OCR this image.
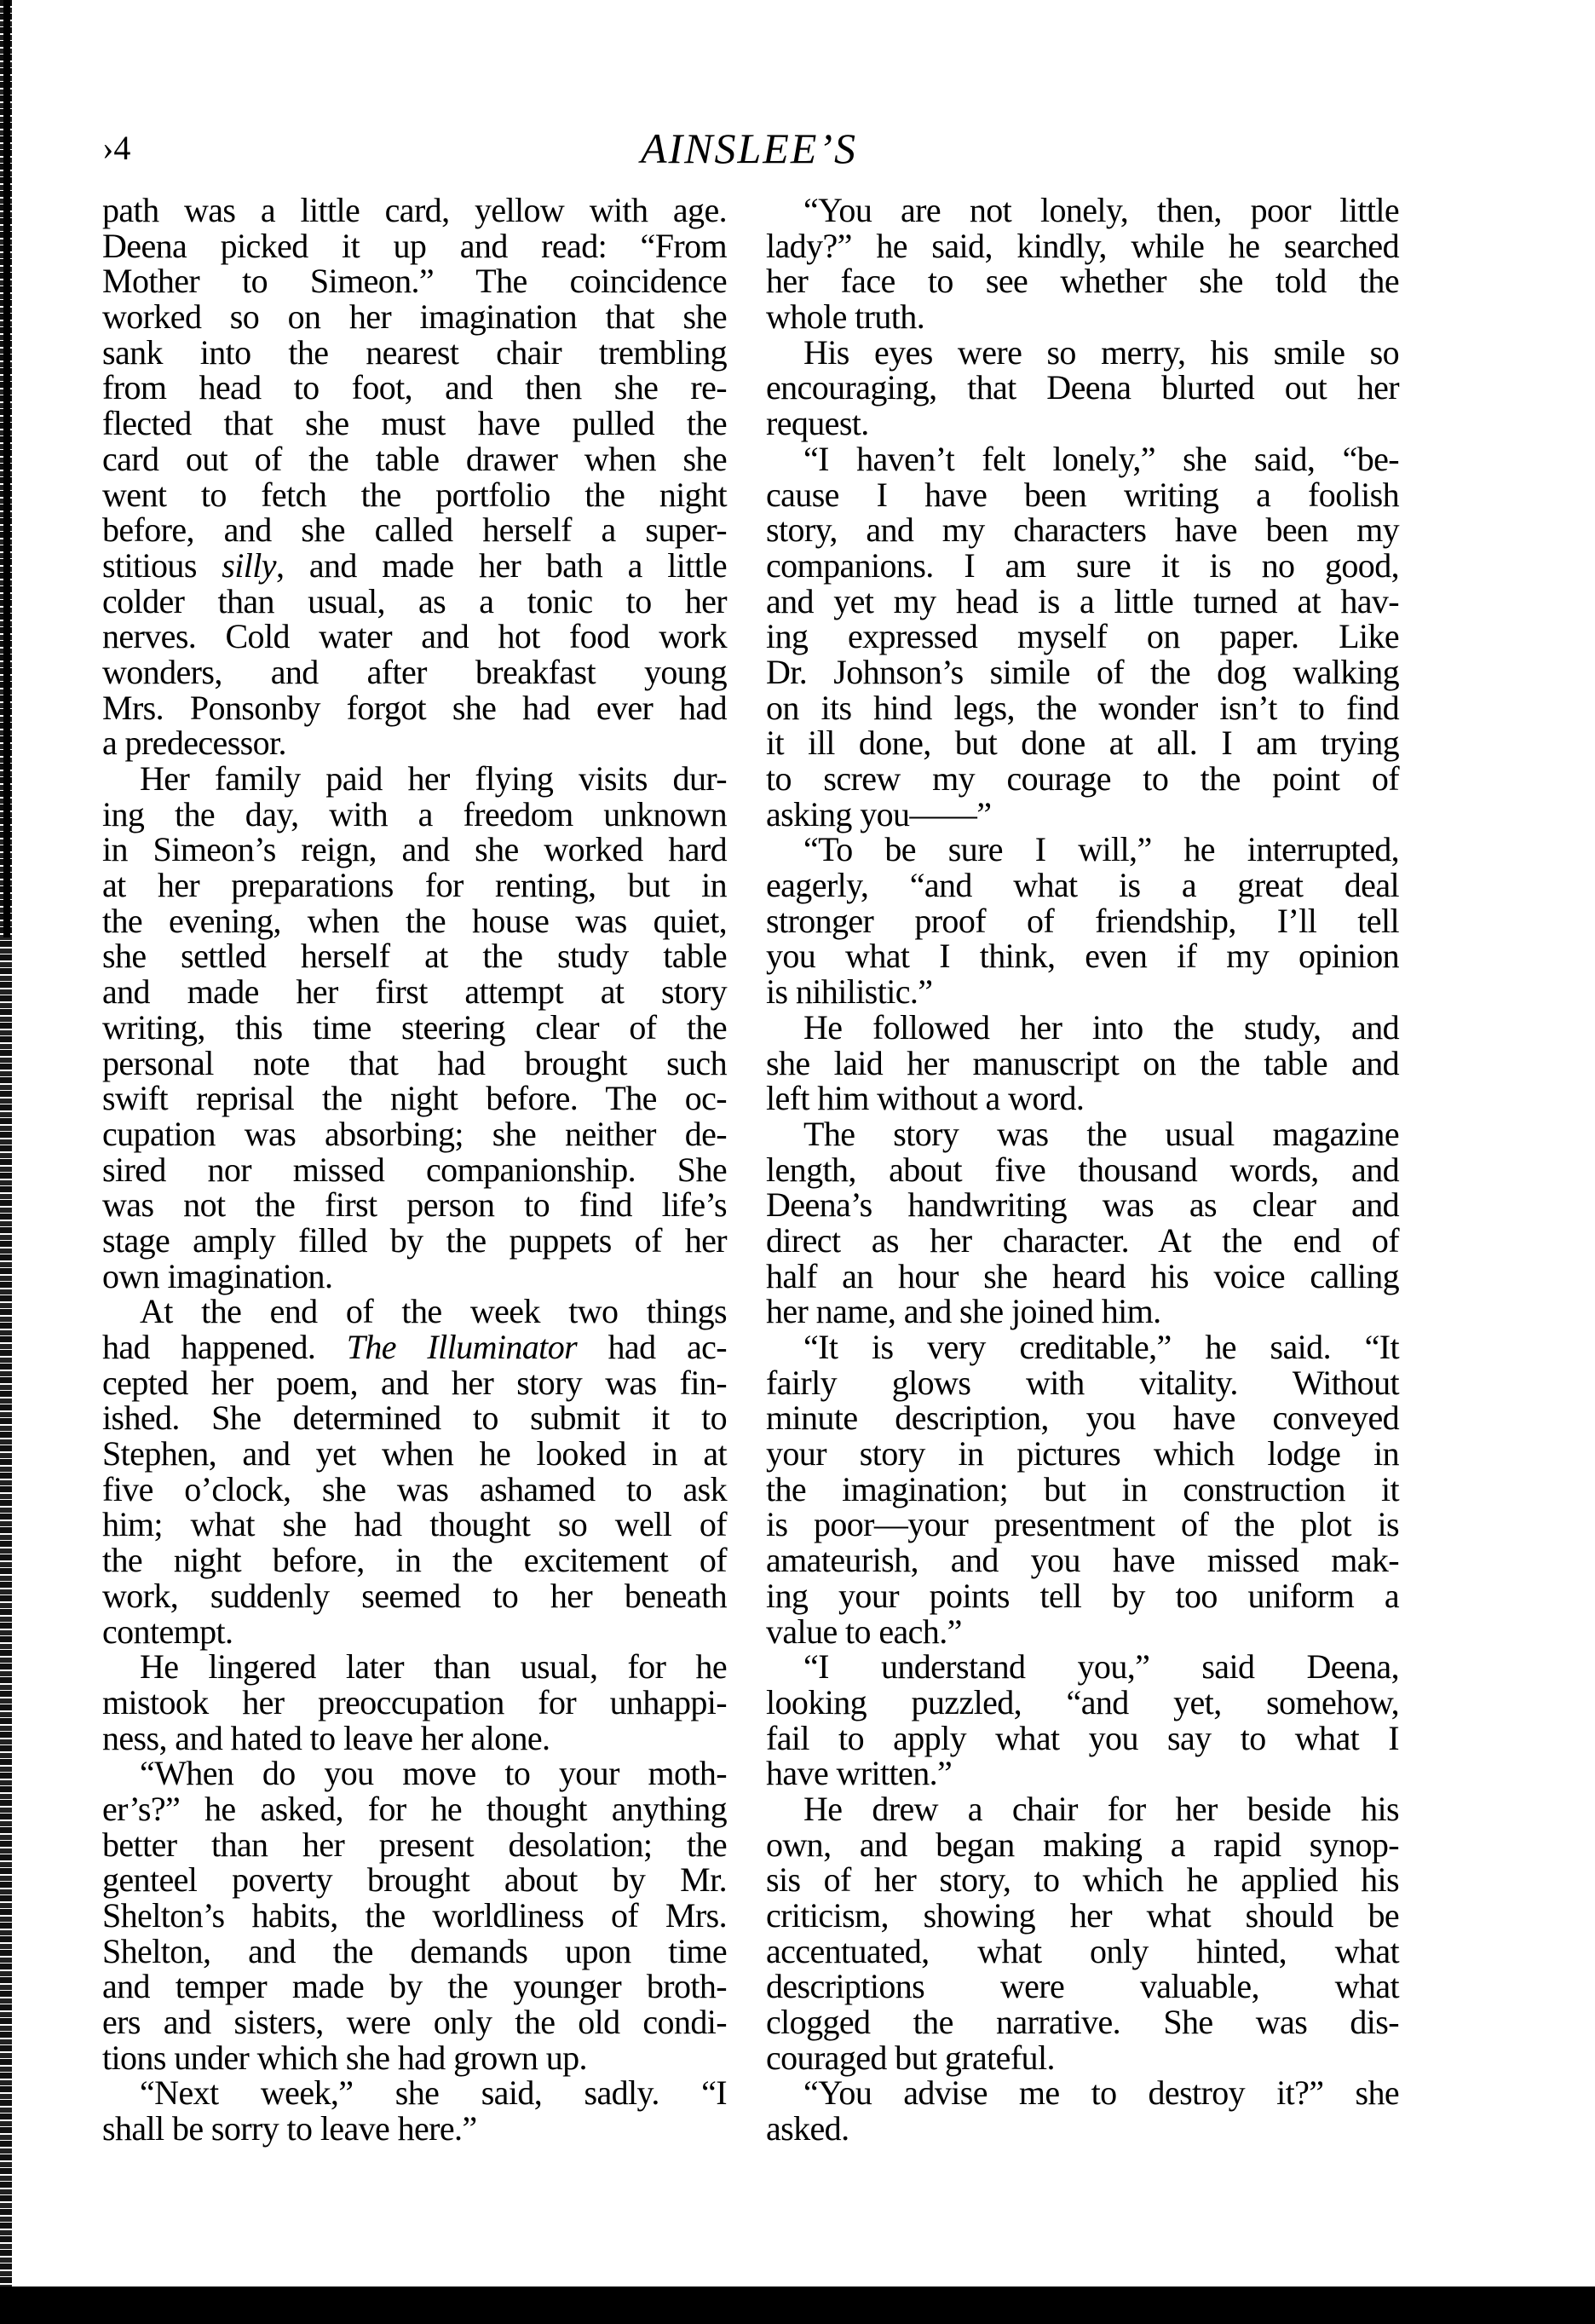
›4	AINSLEE’S
path was a little card, yellow with age.
Deena picked it up and read: “From
Mother to Simeon.” The coincidence
worked so on her imagination that she
sank into the nearest chair trembling
from head to foot, and then she re-
flected that she must have pulled the
card out of the table drawer when she
went to fetch the portfolio the night
before, and she called herself a super-
stitious silly, and made her bath a little
colder than usual, as a tonic to her
nerves. Cold water and hot food work
wonders, and after breakfast young
Mrs. Ponsonby forgot she had ever had
a predecessor.
Her family paid her flying visits dur-
ing the day, with a freedom unknown
in Simeon’s reign, and she worked hard
at her preparations for renting, but in
the evening, when the house was quiet,
she settled herself at the study table
and made her first attempt at story
writing, this time steering clear of the
personal note that had brought such
swift reprisal the night before. The oc-
cupation was absorbing; she neither de-
sired nor missed companionship. She
was not the first person to find life’s
stage amply filled by the puppets of her
own imagination.
At the end of the week two things
had happened. The Illuminator had ac-
cepted her poem, and her story was fin-
ished. She determined to submit it to
Stephen, and yet when he looked in at
five o’clock, she was ashamed to ask
him; what she had thought so well of
the night before, in the excitement of
work, suddenly seemed to her beneath
contempt.
He lingered later than usual, for he
mistook her preoccupation for unhappi-
ness, and hated to leave her alone.
“When do you move to your moth-
er’s?” he asked, for he thought anything
better than her present desolation; the
genteel poverty brought about by Mr.
Shelton’s habits, the worldliness of Mrs.
Shelton, and the demands upon time
and temper made by the younger broth-
ers and sisters, were only the old condi-
tions under which she had grown up.
“Next week,” she said, sadly. “I
shall be sorry to leave here.”
“You are not lonely, then, poor little
lady?” he said, kindly, while he searched
her face to see whether she told the
whole truth.
His eyes were so merry, his smile so
encouraging, that Deena blurted out her
request.
“I haven’t felt lonely,” she said, “be-
cause I have been writing a foolish
story, and my characters have been my
companions. I am sure it is no good,
and yet my head is a little turned at hav-
ing expressed myself on paper. Like
Dr. Johnson’s simile of the dog walking
on its hind legs, the wonder isn’t to find
it ill done, but done at all. I am trying
to screw my courage to the point of
asking you——”
“To be sure I will,” he interrupted,
eagerly, “and what is a great deal
stronger proof of friendship, I’ll tell
you what I think, even if my opinion
is nihilistic.”
He followed her into the study, and
she laid her manuscript on the table and
left him without a word.
The story was the usual magazine
length, about five thousand words, and
Deena’s handwriting was as clear and
direct as her character. At the end of
half an hour she heard his voice calling
her name, and she joined him.
“It is very creditable,” he said. “It
fairly glows with vitality. Without
minute description, you have conveyed
your story in pictures which lodge in
the imagination; but in construction it
is poor—your presentment of the plot is
amateurish, and you have missed mak-
ing your points tell by too uniform a
value to each.”
“I understand you,” said Deena,
looking puzzled, “and yet, somehow,
fail to apply what you say to what I
have written.”
He drew a chair for her beside his
own, and began making a rapid synop-
sis of her story, to which he applied his
criticism, showing her what should be
accentuated, what only hinted, what
descriptions were valuable, what
clogged the narrative. She was dis-
couraged but grateful.
“You advise me to destroy it?” she
asked.
